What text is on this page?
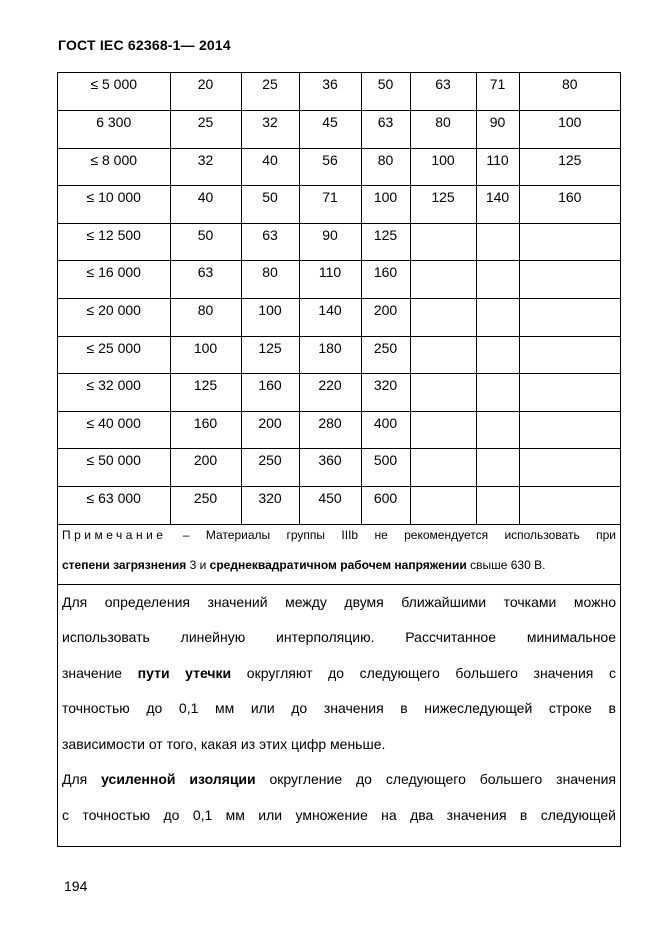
ГОСТ IEC 62368-1— 2014
≤ 5 000	20	25	36	50	63	71	80
6 300	25	32	45	63	80	90	100
≤ 8 000	32	40	56	80	100	110	125
≤ 10 000	40	50	71	100	125	140	160
≤ 12 500	50	63	90	125			
≤ 16 000	63	80	110	160			
≤ 20 000	80	100	140	200			
≤ 25 000	100	125	180	250			
≤ 32 000	125	160	220	320			
≤ 40 000	160	200	280	400			
≤ 50 000	200	250	360	500			
≤ 63 000	250	320	450	600			
Примечание – Материалы группы IIIb не рекомендуется использовать при
степени загрязнения 3 и среднеквадратичном рабочем напряжении свыше 630 В.
Для определения значений между двумя ближайшими точками можно
использовать линейную интерполяцию. Рассчитанное минимальное
значение пути утечки округляют до следующего большего значения с
точностью до 0,1 мм или до значения в нижеследующей строке в
зависимости от того, какая из этих цифр меньше.
Для усиленной изоляции округление до следующего большего значения
с точностью до 0,1 мм или умножение на два значения в следующей
194
